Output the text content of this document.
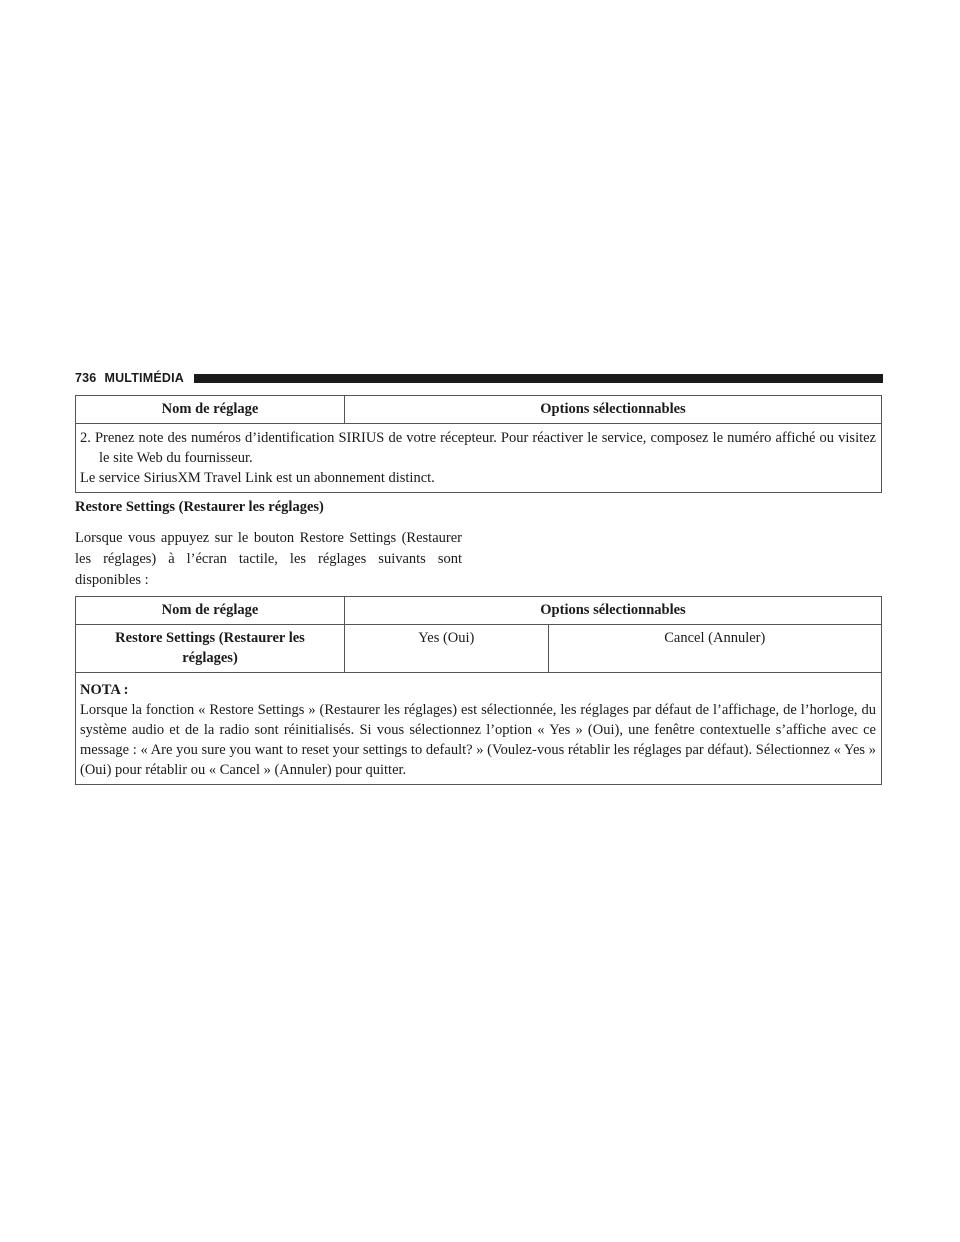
736 MULTIMÉDIA
Nom de réglage	Options sélectionnables

2. Prenez note des numéros d’identification SIRIUS de votre récepteur. Pour réactiver le service, composez le numéro affiché ou visitez le site Web du fournisseur.
Le service SiriusXM Travel Link est un abonnement distinct.
Restore Settings (Restaurer les réglages)

Lorsque vous appuyez sur le bouton Restore Settings (Restaurer les réglages) à l’écran tactile, les réglages suivants sont disponibles :

Nom de réglage	Options sélectionnables	
Restore Settings (Restaurer les réglages)	Yes (Oui)	Cancel (Annuler)

NOTA :
Lorsque la fonction « Restore Settings » (Restaurer les réglages) est sélectionnée, les réglages par défaut de l’affichage, de l’horloge, du système audio et de la radio sont réinitialisés. Si vous sélectionnez l’option « Yes » (Oui), une fenêtre contextuelle s’affiche avec ce message : « Are you sure you want to reset your settings to default? » (Voulez-vous rétablir les réglages par défaut). Sélectionnez « Yes » (Oui) pour rétablir ou « Cancel » (Annuler) pour quitter.		
